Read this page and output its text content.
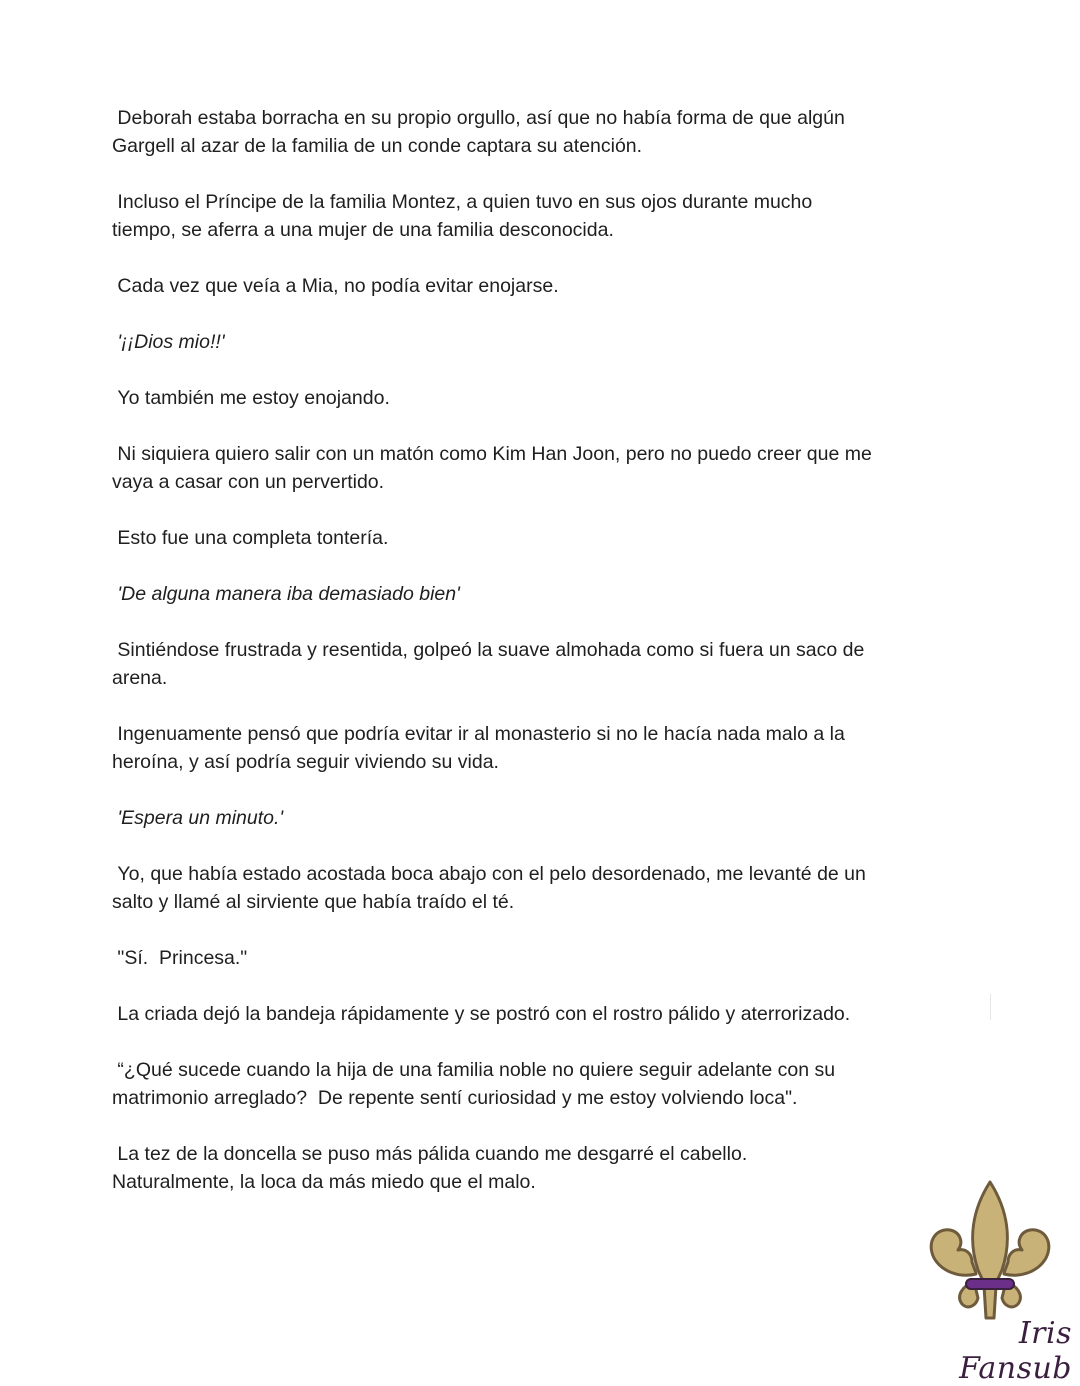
Deborah estaba borracha en su propio orgullo, así que no había forma de que algún
Gargell al azar de la familia de un conde captara su atención.

Incluso el Príncipe de la familia Montez, a quien tuvo en sus ojos durante mucho
tiempo, se aferra a una mujer de una familia desconocida.

Cada vez que veía a Mia, no podía evitar enojarse.

'¡¡Dios mio!!'

Yo también me estoy enojando.

Ni siquiera quiero salir con un matón como Kim Han Joon, pero no puedo creer que me
vaya a casar con un pervertido.

Esto fue una completa tontería.

'De alguna manera iba demasiado bien'

Sintiéndose frustrada y resentida, golpeó la suave almohada como si fuera un saco de
arena.

Ingenuamente pensó que podría evitar ir al monasterio si no le hacía nada malo a la
heroína, y así podría seguir viviendo su vida.

'Espera un minuto.'

Yo, que había estado acostada boca abajo con el pelo desordenado, me levanté de un
salto y llamé al sirviente que había traído el té.

"Sí.  Princesa."

La criada dejó la bandeja rápidamente y se postró con el rostro pálido y aterrorizado.

“¿Qué sucede cuando la hija de una familia noble no quiere seguir adelante con su
matrimonio arreglado?  De repente sentí curiosidad y me estoy volviendo loca".

La tez de la doncella se puso más pálida cuando me desgarré el cabello.
Naturalmente, la loca da más miedo que el malo.

Iris Fansub
